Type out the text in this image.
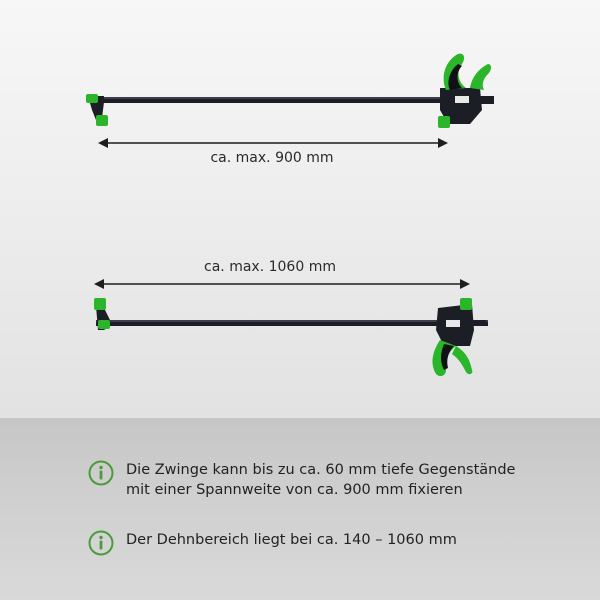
ca. max. 900 mm
ca. max. 1060 mm
Die Zwinge kann bis zu ca. 60 mm tiefe Gegenstände
mit einer Spannweite von ca. 900 mm fixieren
Der Dehnbereich liegt bei ca. 140 – 1060 mm
